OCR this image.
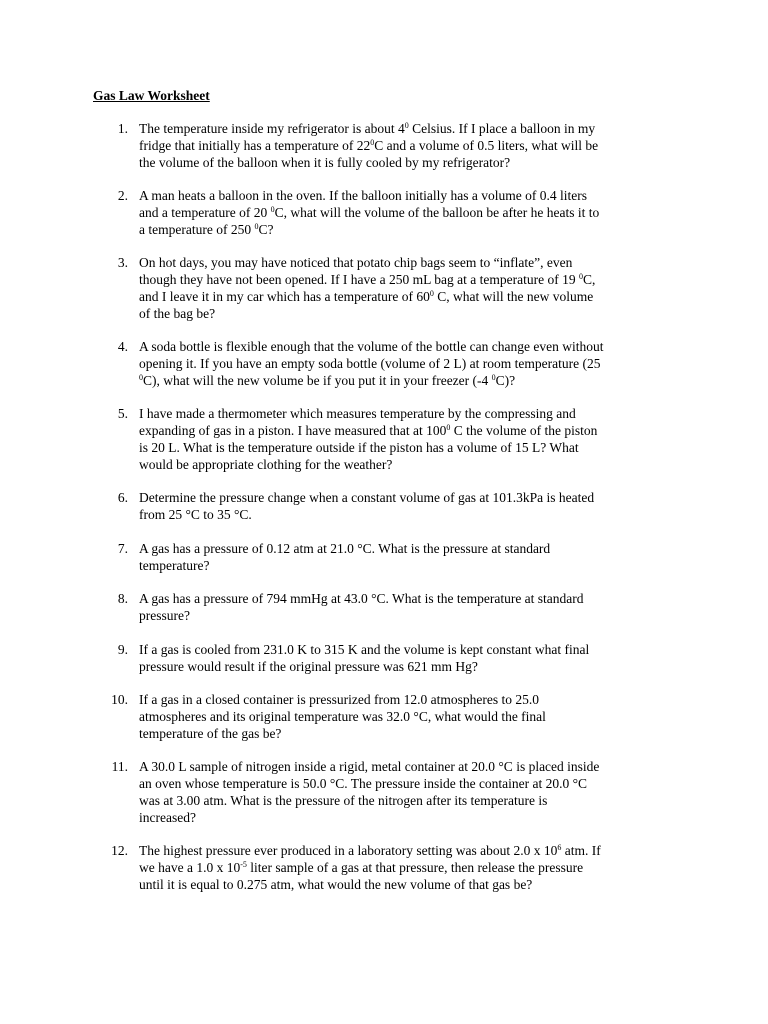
Gas Law Worksheet
1. The temperature inside my refrigerator is about $4^0$ Celsius. If I place a balloon in my
fridge that initially has a temperature of $22^0C$ and a volume of 0.5 liters, what will be
the volume of the balloon when it is fully cooled by my refrigerator?
2. A man heats a balloon in the oven. If the balloon initially has a volume of 0.4 liters
and a temperature of 20 $^0$C, what will the volume of the balloon be after he heats it to
a temperature of 250 $^0$C?
3. On hot days, you may have noticed that potato chip bags seem to “inflate”, even
though they have not been opened. If I have a 250 mL bag at a temperature of 19 $^0$C,
and I leave it in my car which has a temperature of $60^0$ C, what will the new volume
of the bag be?
4. A soda bottle is flexible enough that the volume of the bottle can change even without
opening it. If you have an empty soda bottle (volume of 2 L) at room temperature (25
$^0$C), what will the new volume be if you put it in your freezer (-4 $^0$C)?
5. I have made a thermometer which measures temperature by the compressing and
expanding of gas in a piston. I have measured that at $100^0$ C the volume of the piston
is 20 L. What is the temperature outside if the piston has a volume of 15 L? What
would be appropriate clothing for the weather?
6. Determine the pressure change when a constant volume of gas at 101.3kPa is heated
from 25 °C to 35 °C.
7. A gas has a pressure of 0.12 atm at 21.0 °C. What is the pressure at standard
temperature?
8. A gas has a pressure of 794 mmHg at 43.0 °C. What is the temperature at standard
pressure?
9. If a gas is cooled from 231.0 K to 315 K and the volume is kept constant what final
pressure would result if the original pressure was 621 mm Hg?
10. If a gas in a closed container is pressurized from 12.0 atmospheres to 25.0
atmospheres and its original temperature was 32.0 °C, what would the final
temperature of the gas be?
11. A 30.0 L sample of nitrogen inside a rigid, metal container at 20.0 °C is placed inside
an oven whose temperature is 50.0 °C. The pressure inside the container at 20.0 °C
was at 3.00 atm. What is the pressure of the nitrogen after its temperature is
increased?
12. The highest pressure ever produced in a laboratory setting was about 2.0 x $10^6$ atm. If
we have a 1.0 x $10^{-5}$ liter sample of a gas at that pressure, then release the pressure
until it is equal to 0.275 atm, what would the new volume of that gas be?
